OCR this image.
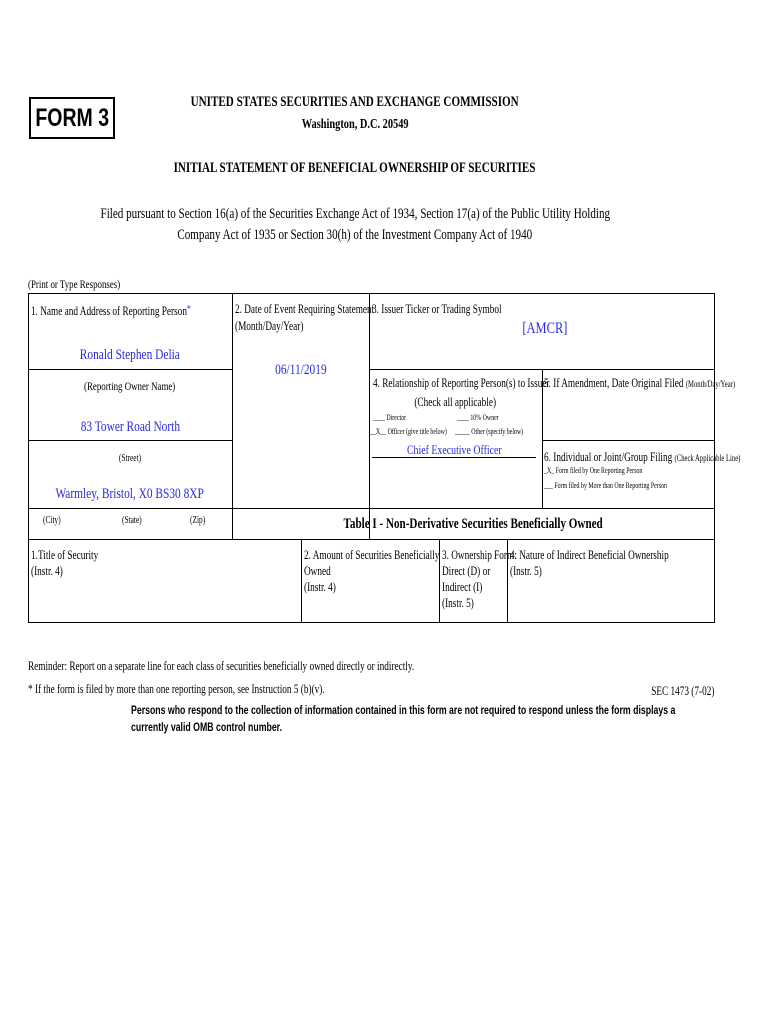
FORM 3
UNITED STATES SECURITIES AND EXCHANGE COMMISSION
Washington, D.C. 20549
INITIAL STATEMENT OF BENEFICIAL OWNERSHIP OF SECURITIES
Filed pursuant to Section 16(a) of the Securities Exchange Act of 1934, Section 17(a) of the Public Utility Holding
Company Act of 1935 or Section 30(h) of the Investment Company Act of 1940
(Print or Type Responses)
1. Name and Address of Reporting Person*
Ronald Stephen Delia
(Reporting Owner Name)
83 Tower Road North
(Street)
Warmley, Bristol, X0 BS30 8XP
(City)	(State)	(Zip)
2. Date of Event Requiring Statement
(Month/Day/Year)
06/11/2019
3. Issuer Ticker or Trading Symbol
[AMCR]
4. Relationship of Reporting Person(s) to Issuer
(Check all applicable)
____ Director	____ 10% Owner
__X__ Officer (give title below) _____ Other (specify below)
Chief Executive Officer
5. If Amendment, Date Original Filed (Month/Day/Year)
6. Individual or Joint/Group Filing (Check Applicable Line)
_X_ Form filed by One Reporting Person
___ Form filed by More than One Reporting Person
Table I - Non-Derivative Securities Beneficially Owned
1.Title of Security
(Instr. 4)
2. Amount of Securities Beneficially
Owned
(Instr. 4)
3. Ownership Form:
Direct (D) or
Indirect (I)
(Instr. 5)
4. Nature of Indirect Beneficial Ownership
(Instr. 5)
Reminder: Report on a separate line for each class of securities beneficially owned directly or indirectly.
* If the form is filed by more than one reporting person, see Instruction 5 (b)(v).	SEC 1473 (7-02)
Persons who respond to the collection of information contained in this form are not required to respond unless the form displays a
currently valid OMB control number.
